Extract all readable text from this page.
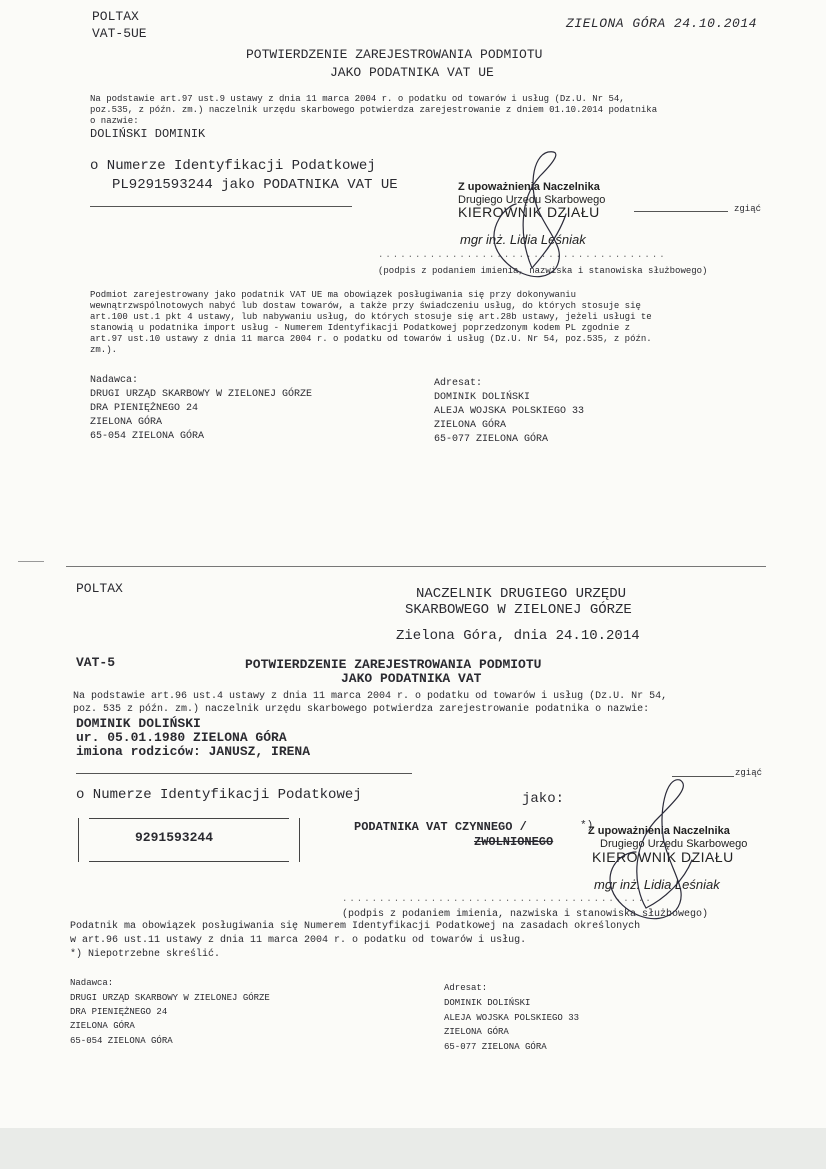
POLTAX
VAT-5UE
ZIELONA GÓRA 24.10.2014
POTWIERDZENIE ZAREJESTROWANIA PODMIOTU
JAKO PODATNIKA VAT UE
Na podstawie art.97 ust.9 ustawy z dnia 11 marca 2004 r. o podatku od towarów i usług (Dz.U. Nr 54,
poz.535, z późn. zm.) naczelnik urzędu skarbowego potwierdza zarejestrowanie z dniem 01.10.2014 podatnika
o nazwie:
DOLIŃSKI DOMINIK
o Numerze Identyfikacji Podatkowej
PL9291593244 jako PODATNIKA VAT UE	Z upoważnienia Naczelnika
Drugiego Urzędu Skarbowego
KIEROWNIK DZIAŁU	zgiąć
mgr inż. Lidia Leśniak
.......................................
(podpis z podaniem imienia, nazwiska i stanowiska służbowego)
Podmiot zarejestrowany jako podatnik VAT UE ma obowiązek posługiwania się przy dokonywaniu
wewnątrzwspólnotowych nabyć lub dostaw towarów, a także przy świadczeniu usług, do których stosuje się
art.100 ust.1 pkt 4 ustawy, lub nabywaniu usług, do których stosuje się art.28b ustawy, jeżeli usługi te
stanowią u podatnika import usług - Numerem Identyfikacji Podatkowej poprzedzonym kodem PL zgodnie z
art.97 ust.10 ustawy z dnia 11 marca 2004 r. o podatku od towarów i usług (Dz.U. Nr 54, poz.535, z późn.
zm.).
Nadawca:
DRUGI URZĄD SKARBOWY W ZIELONEJ GÓRZE
DRA PIENIĘŻNEGO 24
ZIELONA GÓRA
65-054 ZIELONA GÓRA
Adresat:
DOMINIK DOLIŃSKI
ALEJA WOJSKA POLSKIEGO 33
ZIELONA GÓRA
65-077 ZIELONA GÓRA
POLTAX	NACZELNIK DRUGIEGO URZĘDU
SKARBOWEGO W ZIELONEJ GÓRZE
Zielona Góra, dnia 24.10.2014
VAT-5	POTWIERDZENIE ZAREJESTROWANIA PODMIOTU
JAKO PODATNIKA VAT
Na podstawie art.96 ust.4 ustawy z dnia 11 marca 2004 r. o podatku od towarów i usług (Dz.U. Nr 54,
poz. 535 z późn. zm.) naczelnik urzędu skarbowego potwierdza zarejestrowanie podatnika o nazwie:
DOMINIK DOLIŃSKI
ur. 05.01.1980 ZIELONA GÓRA
imiona rodziców: JANUSZ, IRENA
zgiąć
o Numerze Identyfikacji Podatkowej	jako:
9291593244
PODATNIKA VAT CZYNNEGO /
ZWOLNIONEGO
*)
Z upoważnienia Naczelnika
Drugiego Urzędu Skarbowego
KIEROWNIK DZIAŁU
mgr inż. Lidia Leśniak
..........................................
(podpis z podaniem imienia, nazwiska i stanowiska służbowego)
Podatnik ma obowiązek posługiwania się Numerem Identyfikacji Podatkowej na zasadach określonych
w art.96 ust.11 ustawy z dnia 11 marca 2004 r. o podatku od towarów i usług.
*) Niepotrzebne skreślić.
Nadawca:
DRUGI URZĄD SKARBOWY W ZIELONEJ GÓRZE
DRA PIENIĘŻNEGO 24
ZIELONA GÓRA
65-054 ZIELONA GÓRA
Adresat:
DOMINIK DOLIŃSKI
ALEJA WOJSKA POLSKIEGO 33
ZIELONA GÓRA
65-077 ZIELONA GÓRA
